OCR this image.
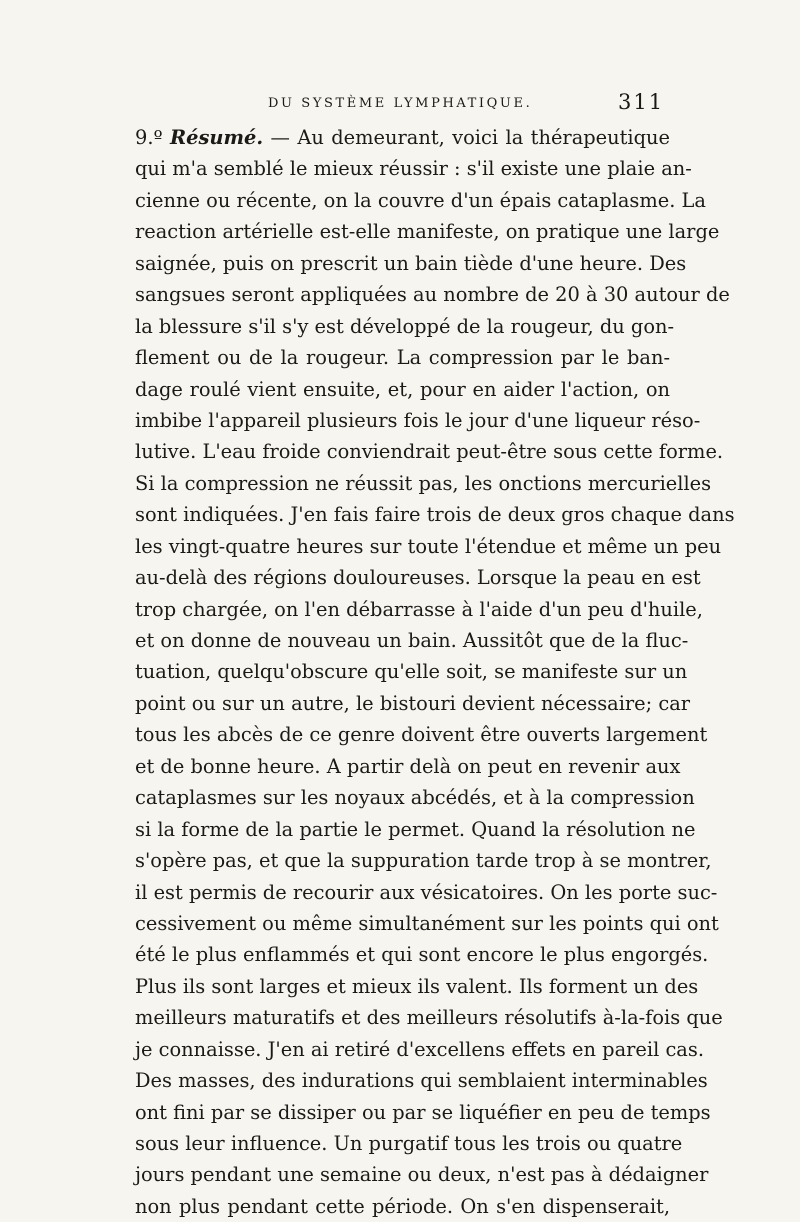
DU SYSTÈME LYMPHATIQUE.	311
9.º Résumé. — Au demeurant, voici la thérapeutique
qui m'a semblé le mieux réussir : s'il existe une plaie an-
cienne ou récente, on la couvre d'un épais cataplasme. La
reaction artérielle est-elle manifeste, on pratique une large
saignée, puis on prescrit un bain tiède d'une heure. Des
sangsues seront appliquées au nombre de 20 à 30 autour de
la blessure s'il s'y est développé de la rougeur, du gon-
flement ou de la rougeur. La compression par le ban-
dage roulé vient ensuite, et, pour en aider l'action, on
imbibe l'appareil plusieurs fois le jour d'une liqueur réso-
lutive. L'eau froide conviendrait peut-être sous cette forme.
Si la compression ne réussit pas, les onctions mercurielles
sont indiquées. J'en fais faire trois de deux gros chaque dans
les vingt-quatre heures sur toute l'étendue et même un peu
au-delà des régions douloureuses. Lorsque la peau en est
trop chargée, on l'en débarrasse à l'aide d'un peu d'huile,
et on donne de nouveau un bain. Aussitôt que de la fluc-
tuation, quelqu'obscure qu'elle soit, se manifeste sur un
point ou sur un autre, le bistouri devient nécessaire; car
tous les abcès de ce genre doivent être ouverts largement
et de bonne heure. A partir delà on peut en revenir aux
cataplasmes sur les noyaux abcédés, et à la compression
si la forme de la partie le permet. Quand la résolution ne
s'opère pas, et que la suppuration tarde trop à se montrer,
il est permis de recourir aux vésicatoires. On les porte suc-
cessivement ou même simultanément sur les points qui ont
été le plus enflammés et qui sont encore le plus engorgés.
Plus ils sont larges et mieux ils valent. Ils forment un des
meilleurs maturatifs et des meilleurs résolutifs à-la-fois que
je connaisse. J'en ai retiré d'excellens effets en pareil cas.
Des masses, des indurations qui semblaient interminables
ont fini par se dissiper ou par se liquéfier en peu de temps
sous leur influence. Un purgatif tous les trois ou quatre
jours pendant une semaine ou deux, n'est pas à dédaigner
non plus pendant cette période. On s'en dispenserait,
